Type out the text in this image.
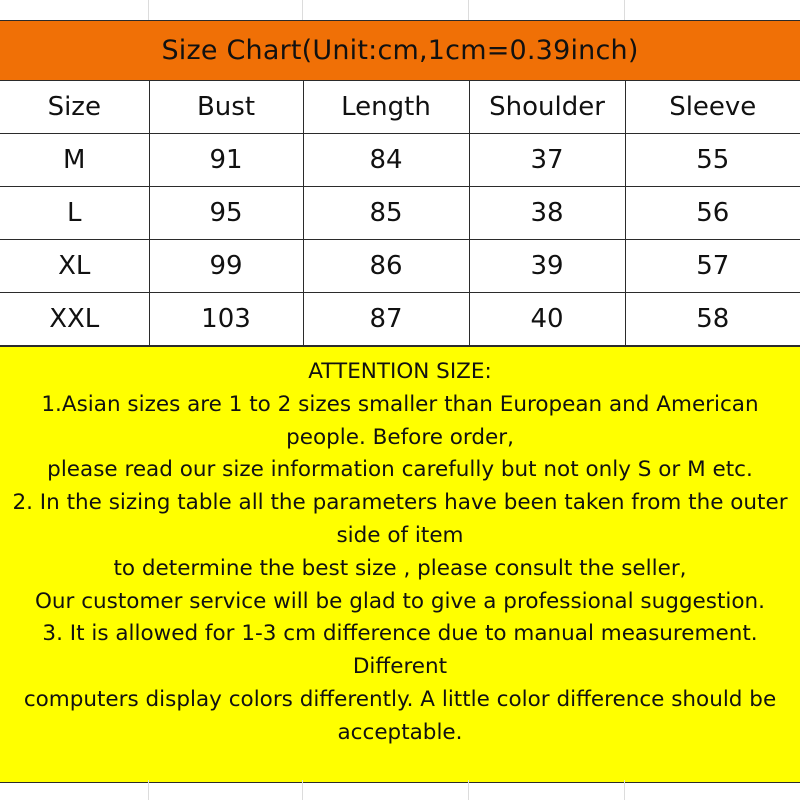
Size Chart(Unit:cm,1cm=0.39inch)
Size	Bust	Length	Shoulder	Sleeve
M	91	84	37	55
L	95	85	38	56
XL	99	86	39	57
XXL	103	87	40	58

ATTENTION SIZE:

1.Asian sizes are 1 to 2 sizes smaller than European and American people. Before order,

please read our size information carefully but not only S or M etc.

2. In the sizing table all the parameters have been taken from the outer side of item

to determine the best size , please consult the seller,

Our customer service will be glad to give a professional suggestion.

3. It is allowed for 1-3 cm difference due to manual measurement. Different

computers display colors differently. A little color difference should be acceptable.
